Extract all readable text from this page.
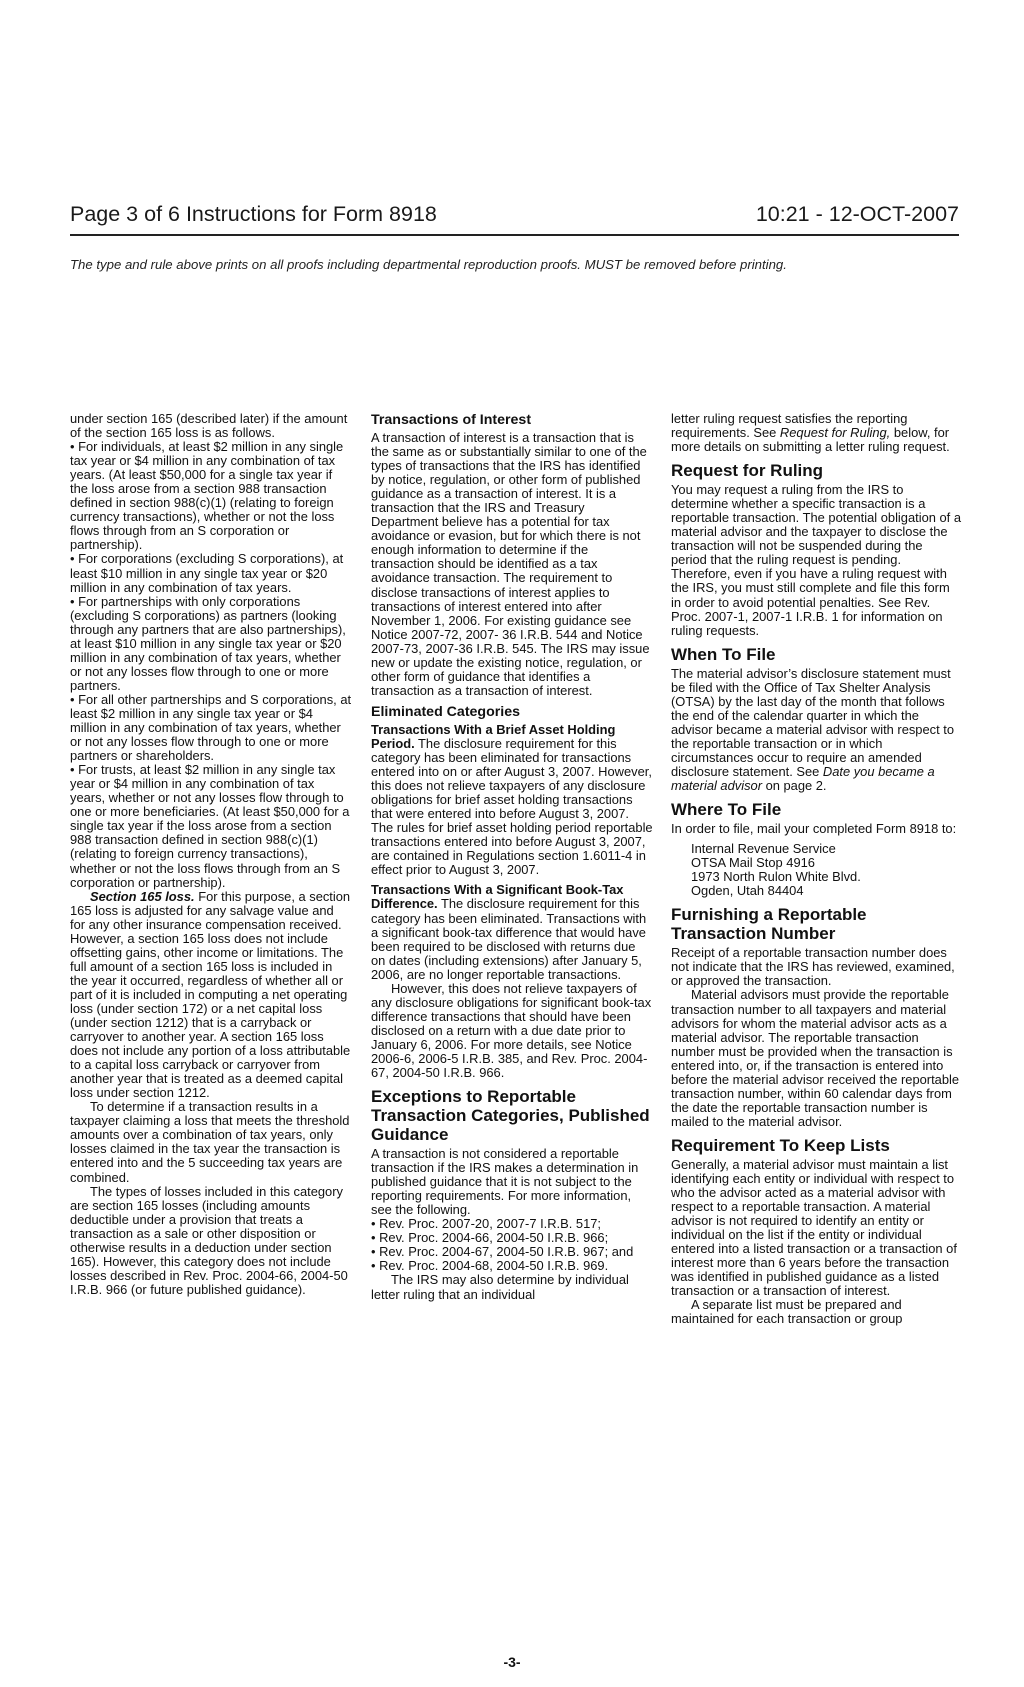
Page 3 of 6 Instructions for Form 8918	10:21 - 12-OCT-2007
The type and rule above prints on all proofs including departmental reproduction proofs. MUST be removed before printing.

under section 165 (described later) if the amount of the section 165 loss is as follows.

• For individuals, at least $2 million in any single tax year or $4 million in any combination of tax years. (At least $50,000 for a single tax year if the loss arose from a section 988 transaction defined in section 988(c)(1) (relating to foreign currency transactions), whether or not the loss flows through from an S corporation or partnership).

• For corporations (excluding S corporations), at least $10 million in any single tax year or $20 million in any combination of tax years.

• For partnerships with only corporations (excluding S corporations) as partners (looking through any partners that are also partnerships), at least $10 million in any single tax year or $20 million in any combination of tax years, whether or not any losses flow through to one or more partners.

• For all other partnerships and S corporations, at least $2 million in any single tax year or $4 million in any combination of tax years, whether or not any losses flow through to one or more partners or shareholders.

• For trusts, at least $2 million in any single tax year or $4 million in any combination of tax years, whether or not any losses flow through to one or more beneficiaries. (At least $50,000 for a single tax year if the loss arose from a section 988 transaction defined in section 988(c)(1) (relating to foreign currency transactions), whether or not the loss flows through from an S corporation or partnership).

Section 165 loss. For this purpose, a section 165 loss is adjusted for any salvage value and for any other insurance compensation received. However, a section 165 loss does not include offsetting gains, other income or limitations. The full amount of a section 165 loss is included in the year it occurred, regardless of whether all or part of it is included in computing a net operating loss (under section 172) or a net capital loss (under section 1212) that is a carryback or carryover to another year. A section 165 loss does not include any portion of a loss attributable to a capital loss carryback or carryover from another year that is treated as a deemed capital loss under section 1212.

To determine if a transaction results in a taxpayer claiming a loss that meets the threshold amounts over a combination of tax years, only losses claimed in the tax year the transaction is entered into and the 5 succeeding tax years are combined.

The types of losses included in this category are section 165 losses (including amounts deductible under a provision that treats a transaction as a sale or other disposition or otherwise results in a deduction under section 165). However, this category does not include losses described in Rev. Proc. 2004-66, 2004-50 I.R.B. 966 (or future published guidance).

Transactions of Interest

A transaction of interest is a transaction that is the same as or substantially similar to one of the types of transactions that the IRS has identified by notice, regulation, or other form of published guidance as a transaction of interest. It is a transaction that the IRS and Treasury Department believe has a potential for tax avoidance or evasion, but for which there is not enough information to determine if the transaction should be identified as a tax avoidance transaction. The requirement to disclose transactions of interest applies to transactions of interest entered into after November 1, 2006. For existing guidance see Notice 2007-72, 2007- 36 I.R.B. 544 and Notice 2007-73, 2007-36 I.R.B. 545. The IRS may issue new or update the existing notice, regulation, or other form of guidance that identifies a transaction as a transaction of interest.

Eliminated Categories

Transactions With a Brief Asset Holding Period. The disclosure requirement for this category has been eliminated for transactions entered into on or after August 3, 2007. However, this does not relieve taxpayers of any disclosure obligations for brief asset holding transactions that were entered into before August 3, 2007. The rules for brief asset holding period reportable transactions entered into before August 3, 2007, are contained in Regulations section 1.6011-4 in effect prior to August 3, 2007.

Transactions With a Significant Book-Tax Difference. The disclosure requirement for this category has been eliminated. Transactions with a significant book-tax difference that would have been required to be disclosed with returns due on dates (including extensions) after January 5, 2006, are no longer reportable transactions.

However, this does not relieve taxpayers of any disclosure obligations for significant book-tax difference transactions that should have been disclosed on a return with a due date prior to January 6, 2006. For more details, see Notice 2006-6, 2006-5 I.R.B. 385, and Rev. Proc. 2004-67, 2004-50 I.R.B. 966.

Exceptions to Reportable Transaction Categories, Published Guidance

A transaction is not considered a reportable transaction if the IRS makes a determination in published guidance that it is not subject to the reporting requirements. For more information, see the following.

• Rev. Proc. 2007-20, 2007-7 I.R.B. 517;

• Rev. Proc. 2004-66, 2004-50 I.R.B. 966;

• Rev. Proc. 2004-67, 2004-50 I.R.B. 967; and

• Rev. Proc. 2004-68, 2004-50 I.R.B. 969.

The IRS may also determine by individual letter ruling that an individual

letter ruling request satisfies the reporting requirements. See Request for Ruling, below, for more details on submitting a letter ruling request.

Request for Ruling

You may request a ruling from the IRS to determine whether a specific transaction is a reportable transaction. The potential obligation of a material advisor and the taxpayer to disclose the transaction will not be suspended during the period that the ruling request is pending. Therefore, even if you have a ruling request with the IRS, you must still complete and file this form in order to avoid potential penalties. See Rev. Proc. 2007-1, 2007-1 I.R.B. 1 for information on ruling requests.

When To File

The material advisor’s disclosure statement must be filed with the Office of Tax Shelter Analysis (OTSA) by the last day of the month that follows the end of the calendar quarter in which the advisor became a material advisor with respect to the reportable transaction or in which circumstances occur to require an amended disclosure statement. See Date you became a material advisor on page 2.

Where To File

In order to file, mail your completed Form 8918 to:

Internal Revenue Service
OTSA Mail Stop 4916
1973 North Rulon White Blvd.
Ogden, Utah 84404
Furnishing a Reportable Transaction Number

Receipt of a reportable transaction number does not indicate that the IRS has reviewed, examined, or approved the transaction.

Material advisors must provide the reportable transaction number to all taxpayers and material advisors for whom the material advisor acts as a material advisor. The reportable transaction number must be provided when the transaction is entered into, or, if the transaction is entered into before the material advisor received the reportable transaction number, within 60 calendar days from the date the reportable transaction number is mailed to the material advisor.

Requirement To Keep Lists

Generally, a material advisor must maintain a list identifying each entity or individual with respect to who the advisor acted as a material advisor with respect to a reportable transaction. A material advisor is not required to identify an entity or individual on the list if the entity or individual entered into a listed transaction or a transaction of interest more than 6 years before the transaction was identified in published guidance as a listed transaction or a transaction of interest.

A separate list must be prepared and maintained for each transaction or group

-3-
